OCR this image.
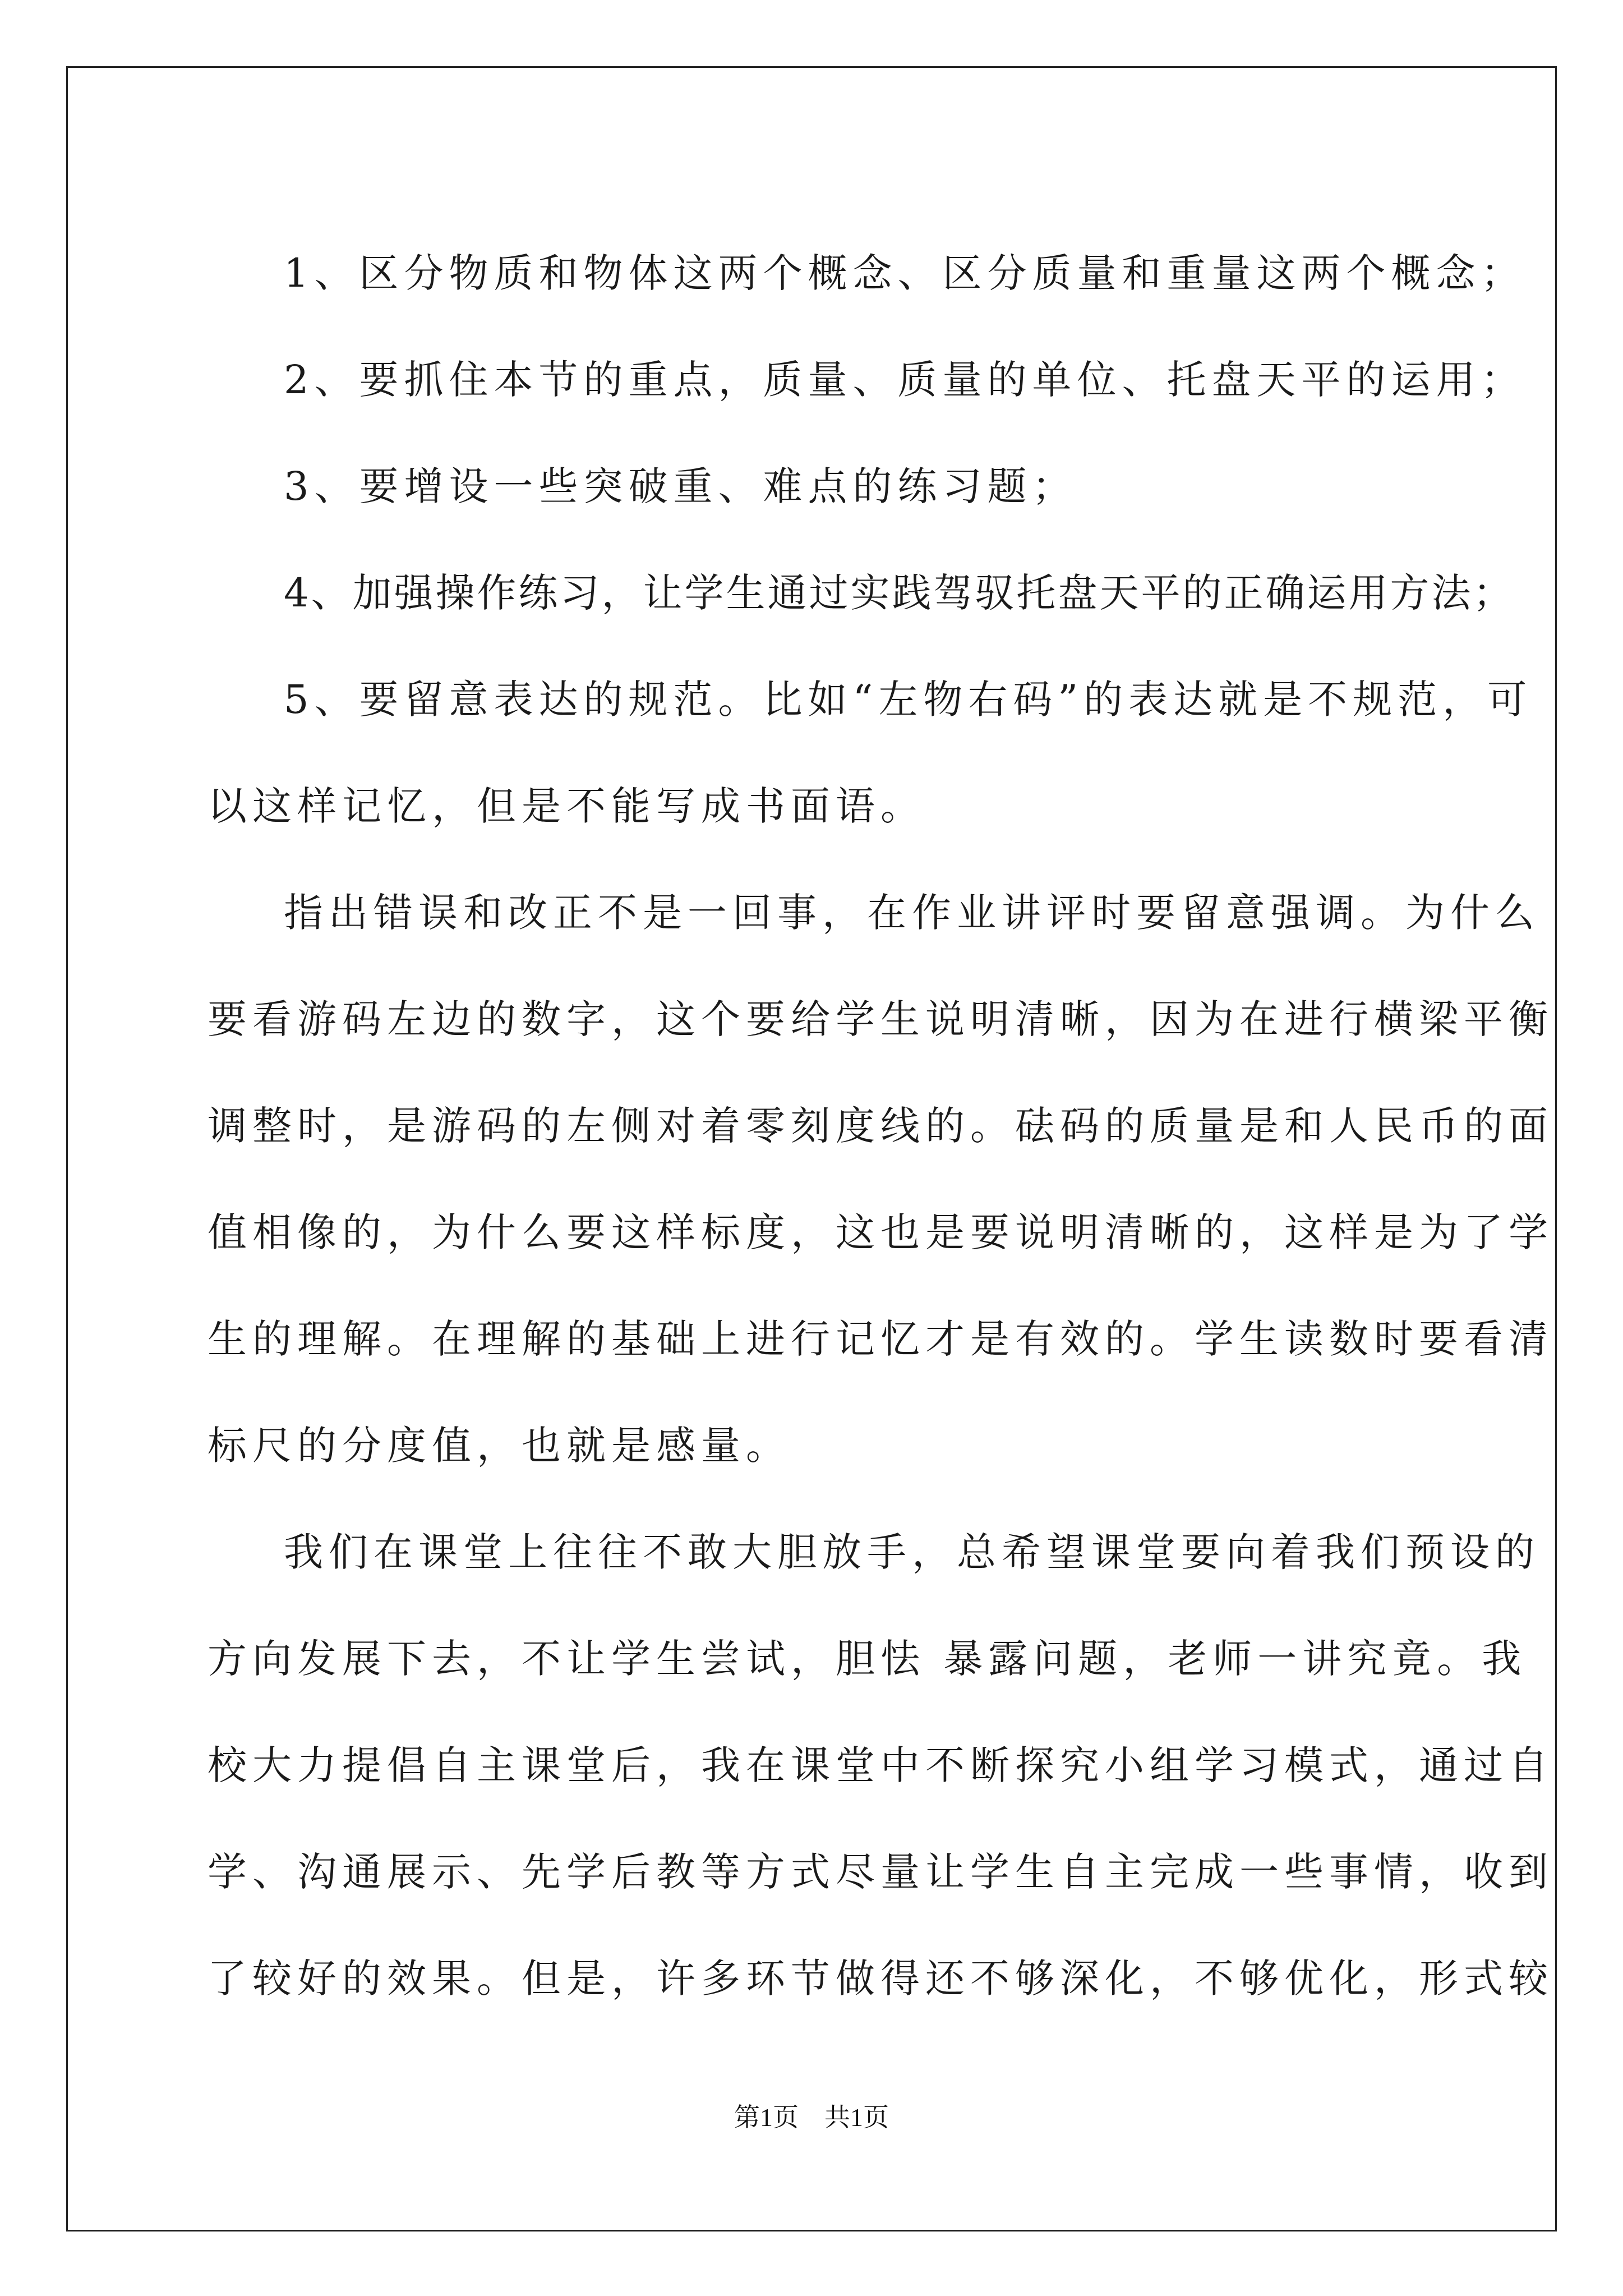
1、区分物质和物体这两个概念、区分质量和重量这两个概念；
2、要抓住本节的重点，质量、质量的单位、托盘天平的运用；
3、要增设一些突破重、难点的练习题；
4、加强操作练习，让学生通过实践驾驭托盘天平的正确运用方法；
5、要留意表达的规范。比如“左物右码”的表达就是不规范，可
以这样记忆，但是不能写成书面语。
指出错误和改正不是一回事，在作业讲评时要留意强调。为什么
要看游码左边的数字，这个要给学生说明清晰，因为在进行横梁平衡
调整时，是游码的左侧对着零刻度线的。砝码的质量是和人民币的面
值相像的，为什么要这样标度，这也是要说明清晰的，这样是为了学
生的理解。在理解的基础上进行记忆才是有效的。学生读数时要看清
标尺的分度值，也就是感量。
我们在课堂上往往不敢大胆放手，总希望课堂要向着我们预设的
方向发展下去，不让学生尝试，胆怯 暴露问题，老师一讲究竟。我
校大力提倡自主课堂后，我在课堂中不断探究小组学习模式，通过自
学、沟通展示、先学后教等方式尽量让学生自主完成一些事情，收到
了较好的效果。但是，许多环节做得还不够深化，不够优化，形式较
第1页　共1页
